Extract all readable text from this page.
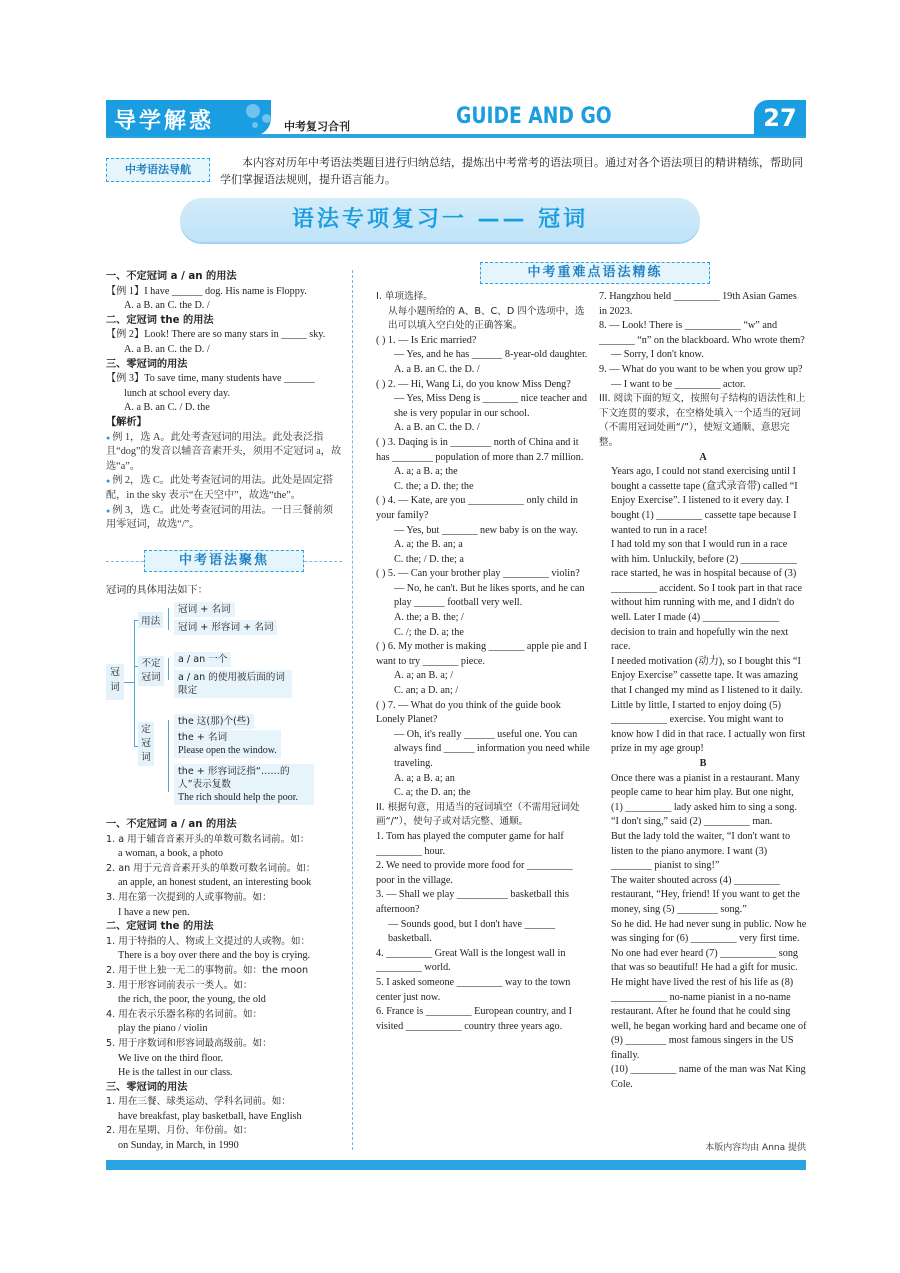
导学解惑	中考复习合刊	GUIDE AND GO	27
中考语法导航
本内容对历年中考语法类题目进行归纳总结，提炼出中考常考的语法项目。通过对各个语法项目的精讲精练，帮助同学们掌握语法规则，提升语言能力。
语法专项复习一 —— 冠词

一、不定冠词 a / an 的用法

【例 1】I have ______ dog. His name is Floppy.

A. a B. an C. the D. /

二、定冠词 the 的用法

【例 2】Look! There are so many stars in _____ sky.

A. a B. an C. the D. /

三、零冠词的用法

【例 3】To save time, many students have ______

lunch at school every day.

A. a B. an C. / D. the

【解析】

● 例 1，选 A。此处考查冠词的用法。此处表泛指且“dog”的发音以辅音音素开头，须用不定冠词 a，故选“a”。

● 例 2，选 C。此处考查冠词的用法。此处是固定搭配，in the sky 表示“在天空中”，故选“the”。

● 例 3，选 C。此处考查冠词的用法。一日三餐前须用零冠词，故选“/”。

中考语法聚焦
冠词的具体用法如下：
冠词
用法
冠词 + 名词
冠词 + 形容词 + 名词
不定冠词
a / an 一个
a / an 的使用被后面的词限定
定冠词
the 这(那)个(些)
the + 名词
Please open the window.
the + 形容词泛指“……的人”表示复数
The rich should help the poor.

一、不定冠词 a / an 的用法

1. a 用于辅音音素开头的单数可数名词前。如：

a woman, a book, a photo

2. an 用于元音音素开头的单数可数名词前。如：

an apple, an honest student, an interesting book

3. 用在第一次提到的人或事物前。如：

I have a new pen.

二、定冠词 the 的用法

1. 用于特指的人、物或上文提过的人或物。如：

There is a boy over there and the boy is crying.

2. 用于世上独一无二的事物前。如：the moon

3. 用于形容词前表示一类人。如：

the rich, the poor, the young, the old

4. 用在表示乐器名称的名词前。如：

play the piano / violin

5. 用于序数词和形容词最高级前。如：

We live on the third floor.

He is the tallest in our class.

三、零冠词的用法

1. 用在三餐、球类运动、学科名词前。如：

have breakfast, play basketball, have English

2. 用在星期、月份、年份前。如：

on Sunday, in March, in 1990

中考重难点语法精练

I. 单项选择。

从每小题所给的 A、B、C、D 四个选项中，选出可以填入空白处的正确答案。

( ) 1. — Is Eric married?

— Yes, and he has ______ 8-year-old daughter.

A. a B. an C. the D. /

( ) 2. — Hi, Wang Li, do you know Miss Deng?

— Yes, Miss Deng is _______ nice teacher and she is very popular in our school.

A. a B. an C. the D. /

( ) 3. Daqing is in ________ north of China and it has ________ population of more than 2.7 million.

A. a; a B. a; the

C. the; a D. the; the

( ) 4. — Kate, are you ___________ only child in your family?

— Yes, but _______ new baby is on the way.

A. a; the B. an; a

C. the; / D. the; a

( ) 5. — Can your brother play _________ violin?

— No, he can't. But he likes sports, and he can play ______ football very well.

A. the; a B. the; /

C. /; the D. a; the

( ) 6. My mother is making _______ apple pie and I want to try _______ piece.

A. a; an B. a; /

C. an; a D. an; /

( ) 7. — What do you think of the guide book Lonely Planet?

— Oh, it's really ______ useful one. You can always find ______ information you need while traveling.

A. a; a B. a; an

C. a; the D. an; the

II. 根据句意，用适当的冠词填空（不需用冠词处画“/”），使句子或对话完整、通顺。

1. Tom has played the computer game for half _________ hour.

2. We need to provide more food for _________ poor in the village.

3. — Shall we play __________ basketball this afternoon?

— Sounds good, but I don't have ______ basketball.

4. _________ Great Wall is the longest wall in _________ world.

5. I asked someone _________ way to the town center just now.

6. France is _________ European country, and I visited ___________ country three years ago.

7. Hangzhou held _________ 19th Asian Games in 2023.

8. — Look! There is ___________ “w” and _______ “n” on the blackboard. Who wrote them?

— Sorry, I don't know.

9. — What do you want to be when you grow up?

— I want to be _________ actor.

III. 阅读下面的短文，按照句子结构的语法性和上下文连贯的要求，在空格处填入一个适当的冠词（不需用冠词处画“/”），使短文通顺、意思完整。

A

Years ago, I could not stand exercising until I bought a cassette tape (盒式录音带) called “I Enjoy Exercise”. I listened to it every day. I bought (1) _________ cassette tape because I wanted to run in a race!

I had told my son that I would run in a race with him. Unluckily, before (2) ___________ race started, he was in hospital because of (3) _________ accident. So I took part in that race without him running with me, and I didn't do well. Later I made (4) _______________ decision to train and hopefully win the next race.

I needed motivation (动力), so I bought this “I Enjoy Exercise” cassette tape. It was amazing that I changed my mind as I listened to it daily. Little by little, I started to enjoy doing (5) ___________ exercise. You might want to know how I did in that race. I actually won first prize in my age group!

B

Once there was a pianist in a restaurant. Many people came to hear him play. But one night, (1) _________ lady asked him to sing a song.

“I don't sing,” said (2) _________ man.

But the lady told the waiter, “I don't want to listen to the piano anymore. I want (3) ________ pianist to sing!”

The waiter shouted across (4) _________ restaurant, “Hey, friend! If you want to get the money, sing (5) ________ song.”

So he did. He had never sung in public. Now he was singing for (6) _________ very first time. No one had ever heard (7) ___________ song that was so beautiful! He had a gift for music. He might have lived the rest of his life as (8) ___________ no-name pianist in a no-name restaurant. After he found that he could sing well, he began working hard and became one of (9) ________ most famous singers in the US finally.

(10) _________ name of the man was Nat King Cole.

本版内容均由 Anna 提供
